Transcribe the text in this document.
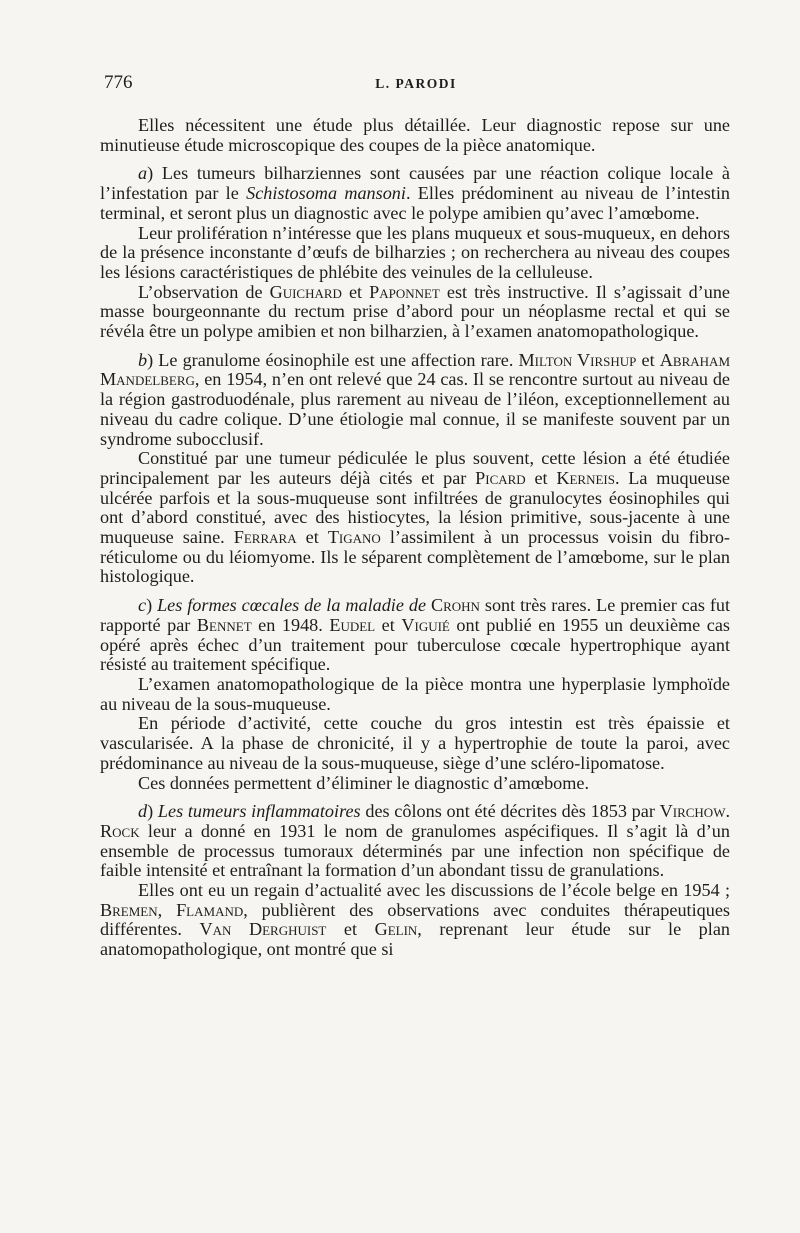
776	L. PARODI

Elles nécessitent une étude plus détaillée. Leur diagnostic repose sur une minutieuse étude microscopique des coupes de la pièce anatomique.

a) Les tumeurs bilharziennes sont causées par une réaction colique locale à l’infestation par le Schistosoma mansoni. Elles prédominent au niveau de l’intestin terminal, et seront plus un diagnostic avec le polype amibien qu’avec l’amœbome.

Leur prolifération n’intéresse que les plans muqueux et sous-muqueux, en dehors de la présence inconstante d’œufs de bilharzies ; on recherchera au niveau des coupes les lésions caractéristiques de phlébite des veinules de la celluleuse.

L’observation de Guichard et Paponnet est très instructive. Il s’agissait d’une masse bourgeonnante du rectum prise d’abord pour un néoplasme rectal et qui se révéla être un polype amibien et non bilharzien, à l’examen anatomopathologique.

b) Le granulome éosinophile est une affection rare. Milton Virshup et Abraham Mandelberg, en 1954, n’en ont relevé que 24 cas. Il se rencontre surtout au niveau de la région gastroduodénale, plus rarement au niveau de l’iléon, exceptionnellement au niveau du cadre colique. D’une étiologie mal connue, il se manifeste souvent par un syndrome subocclusif.

Constitué par une tumeur pédiculée le plus souvent, cette lésion a été étudiée principalement par les auteurs déjà cités et par Picard et Kerneis. La muqueuse ulcérée parfois et la sous-muqueuse sont infiltrées de granulocytes éosinophiles qui ont d’abord constitué, avec des histiocytes, la lésion primitive, sous-jacente à une muqueuse saine. Ferrara et Tigano l’assimilent à un processus voisin du fibro-réticulome ou du léiomyome. Ils le séparent complètement de l’amœbome, sur le plan histologique.

c) Les formes cœcales de la maladie de Crohn sont très rares. Le premier cas fut rapporté par Bennet en 1948. Eudel et Viguié ont publié en 1955 un deuxième cas opéré après échec d’un traitement pour tuberculose cœcale hypertrophique ayant résisté au traitement spécifique.

L’examen anatomopathologique de la pièce montra une hyperplasie lymphoïde au niveau de la sous-muqueuse.

En période d’activité, cette couche du gros intestin est très épaissie et vascularisée. A la phase de chronicité, il y a hypertrophie de toute la paroi, avec prédominance au niveau de la sous-muqueuse, siège d’une scléro-lipomatose.

Ces données permettent d’éliminer le diagnostic d’amœbome.

d) Les tumeurs inflammatoires des côlons ont été décrites dès 1853 par Virchow. Rock leur a donné en 1931 le nom de granulomes aspécifiques. Il s’agit là d’un ensemble de processus tumoraux déterminés par une infection non spécifique de faible intensité et entraînant la formation d’un abondant tissu de granulations.

Elles ont eu un regain d’actualité avec les discussions de l’école belge en 1954 ; Bremen, Flamand, publièrent des observations avec conduites thérapeutiques différentes. Van Derghuist et Gelin, reprenant leur étude sur le plan anatomopathologique, ont montré que si
